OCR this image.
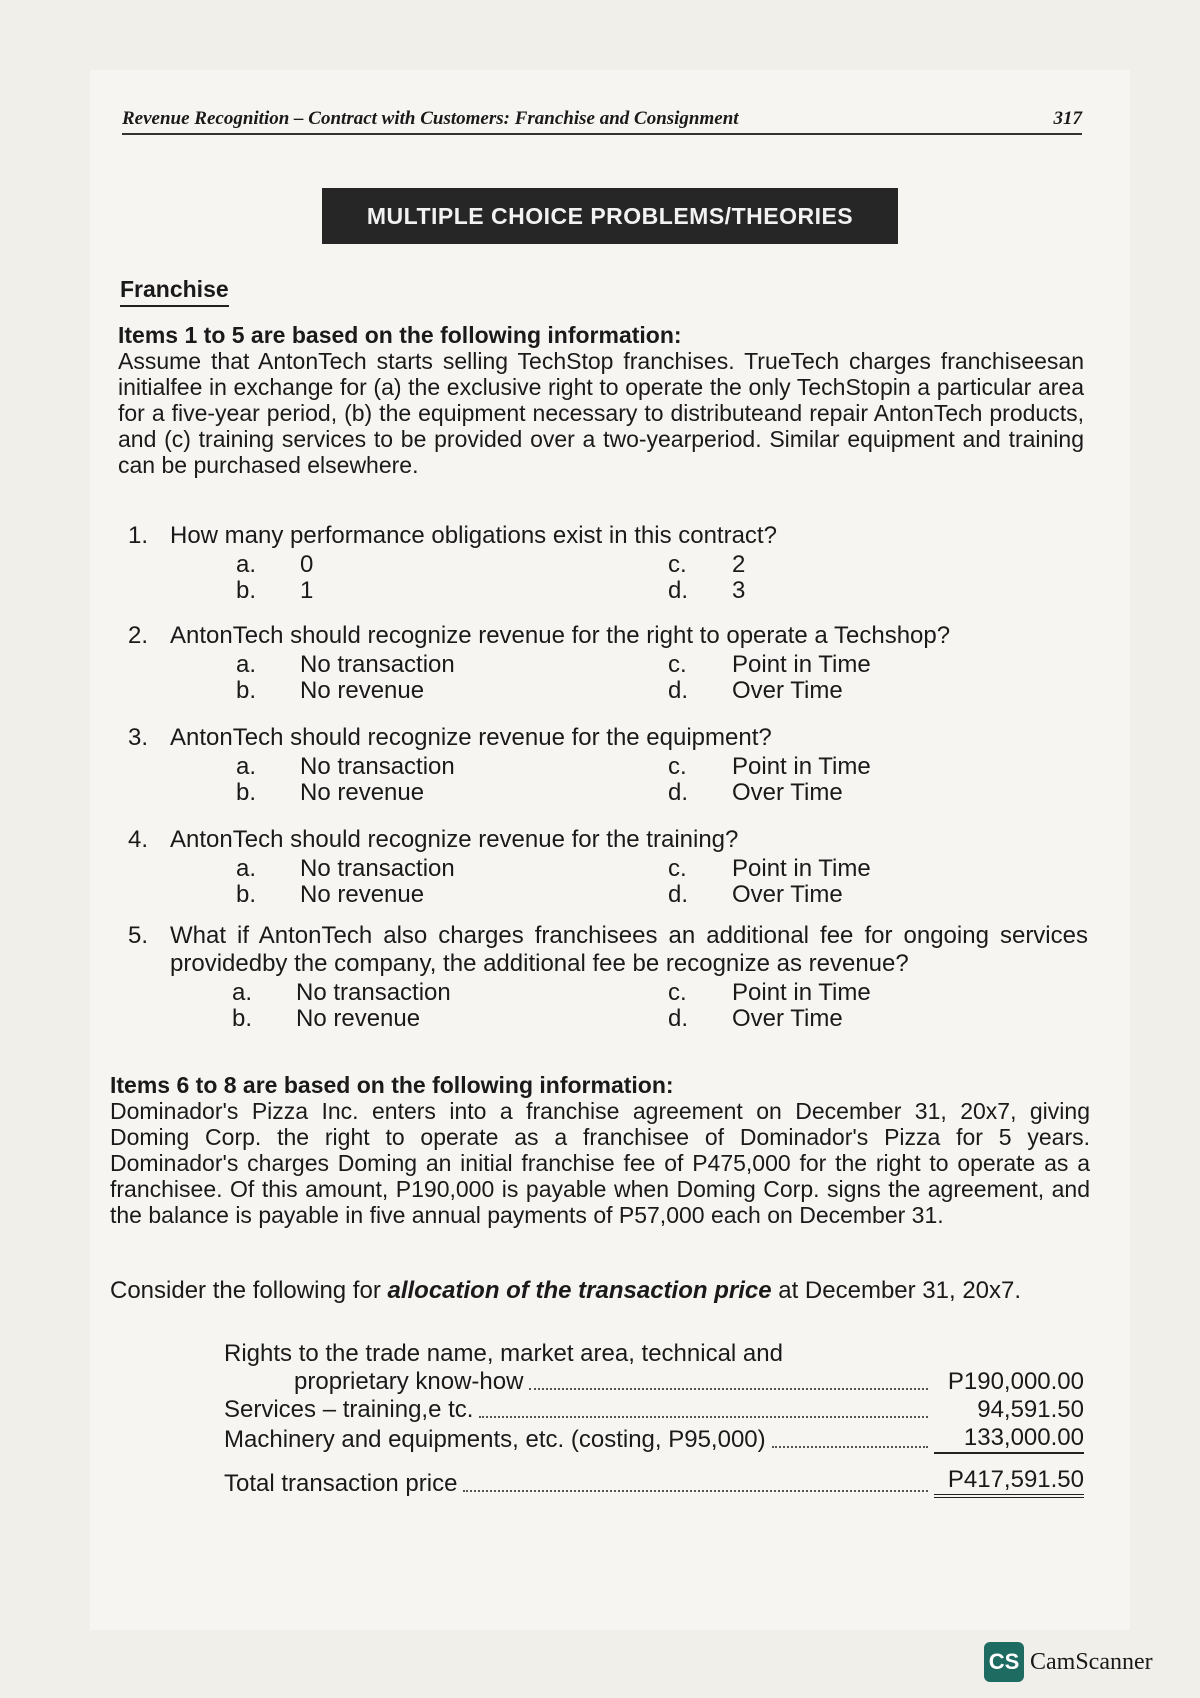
Revenue Recognition – Contract with Customers: Franchise and Consignment	317
MULTIPLE CHOICE PROBLEMS/THEORIES
Franchise
Items 1 to 5 are based on the following information:
Assume that AntonTech starts selling TechStop franchises. TrueTech charges franchiseesan initialfee in exchange for (a) the exclusive right to operate the only TechStopin a particular area for a five-year period, (b) the equipment necessary to distributeand repair AntonTech products, and (c) training services to be provided over a two-yearperiod. Similar equipment and training can be purchased elsewhere.
1. How many performance obligations exist in this contract?
a.	0
b.	1
c.	2
d.	3
2. AntonTech should recognize revenue for the right to operate a Techshop?
a.	No transaction
b.	No revenue
c.	Point in Time
d.	Over Time
3. AntonTech should recognize revenue for the equipment?
a.	No transaction
b.	No revenue
c.	Point in Time
d.	Over Time
4. AntonTech should recognize revenue for the training?
a.	No transaction
b.	No revenue
c.	Point in Time
d.	Over Time
5. What if AntonTech also charges franchisees an additional fee for ongoing services providedby the company, the additional fee be recognize as revenue?
a.	No transaction
b.	No revenue
c.	Point in Time
d.	Over Time
Items 6 to 8 are based on the following information:
Dominador's Pizza Inc. enters into a franchise agreement on December 31, 20x7, giving Doming Corp. the right to operate as a franchisee of Dominador's Pizza for 5 years. Dominador's charges Doming an initial franchise fee of P475,000 for the right to operate as a franchisee. Of this amount, P190,000 is payable when Doming Corp. signs the agreement, and the balance is payable in five annual payments of P57,000 each on December 31.
Consider the following for allocation of the transaction price at December 31, 20x7.
Rights to the trade name, market area, technical and
proprietary know-how	P190,000.00
Services – training,e tc.	94,591.50
Machinery and equipments, etc. (costing, P95,000)	133,000.00
Total transaction price	P417,591.50
CS CamScanner
